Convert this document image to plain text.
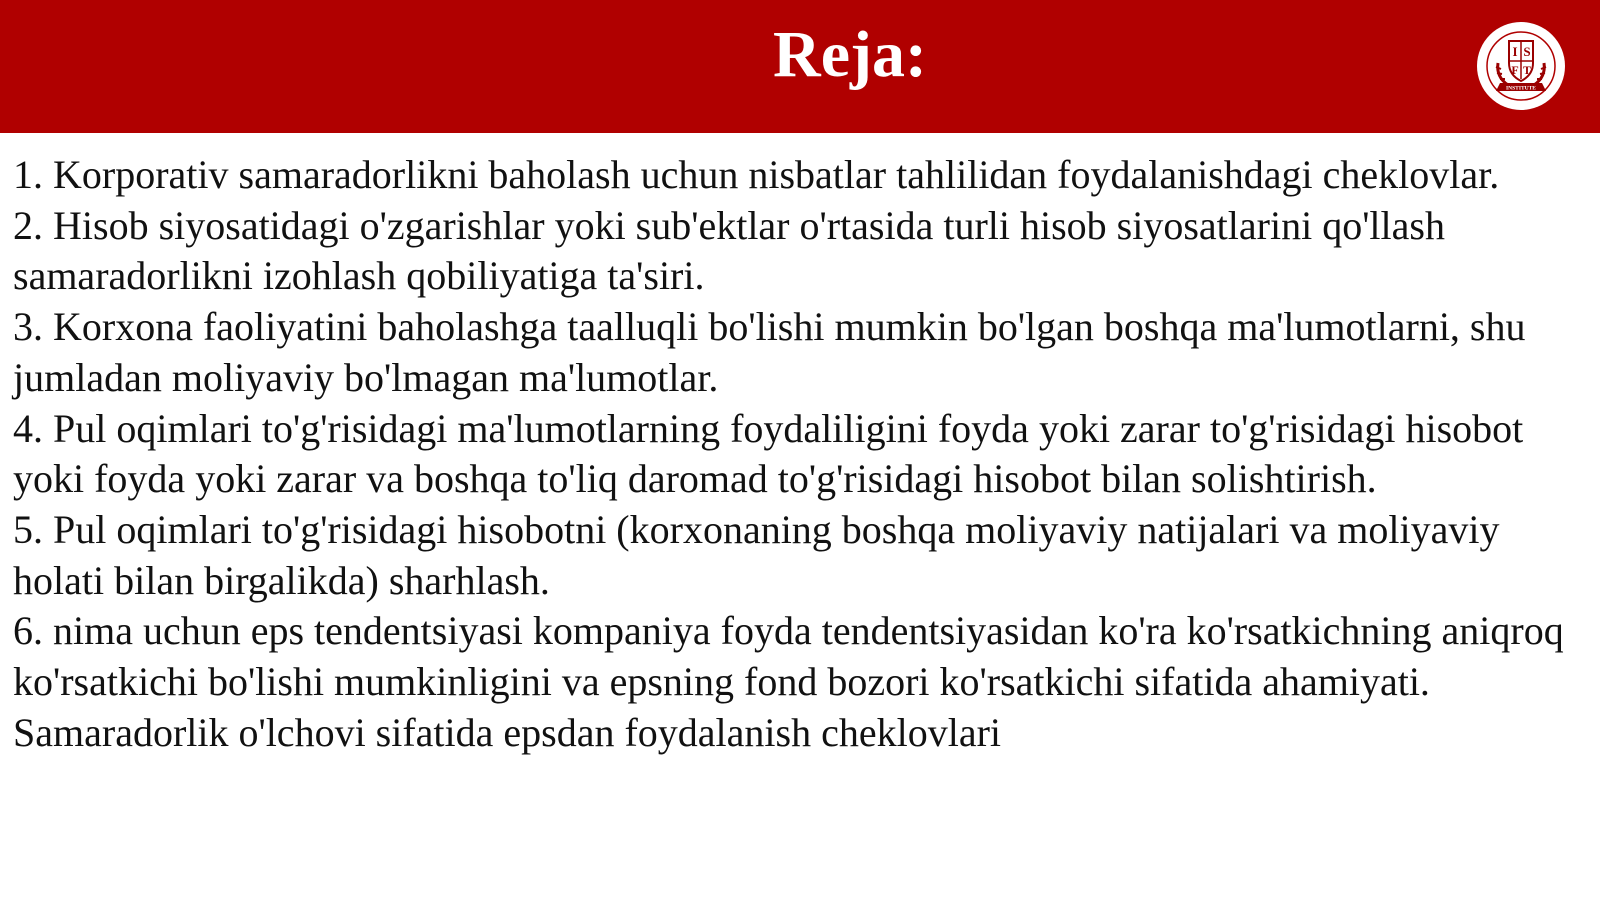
Reja:	I S
F T
INSTITUTE

1. Korporativ samaradorlikni baholash uchun nisbatlar tahlilidan foydalanishdagi cheklovlar.

2. Hisob siyosatidagi o'zgarishlar yoki sub'ektlar o'rtasida turli hisob siyosatlarini qo'llash samaradorlikni izohlash qobiliyatiga ta'siri.

3. Korxona faoliyatini baholashga taalluqli bo'lishi mumkin bo'lgan boshqa ma'lumotlarni, shu jumladan moliyaviy bo'lmagan ma'lumotlar.

4. Pul oqimlari to'g'risidagi ma'lumotlarning foydaliligini foyda yoki zarar to'g'risidagi hisobot yoki foyda yoki zarar va boshqa to'liq daromad to'g'risidagi hisobot bilan solishtirish.

5. Pul oqimlari to'g'risidagi hisobotni (korxonaning boshqa moliyaviy natijalari va moliyaviy holati bilan birgalikda) sharhlash.

6. nima uchun eps tendentsiyasi kompaniya foyda tendentsiyasidan ko'ra ko'rsatkichning aniqroq ko'rsatkichi bo'lishi mumkinligini va epsning fond bozori ko'rsatkichi sifatida ahamiyati.

Samaradorlik o'lchovi sifatida epsdan foydalanish cheklovlari
